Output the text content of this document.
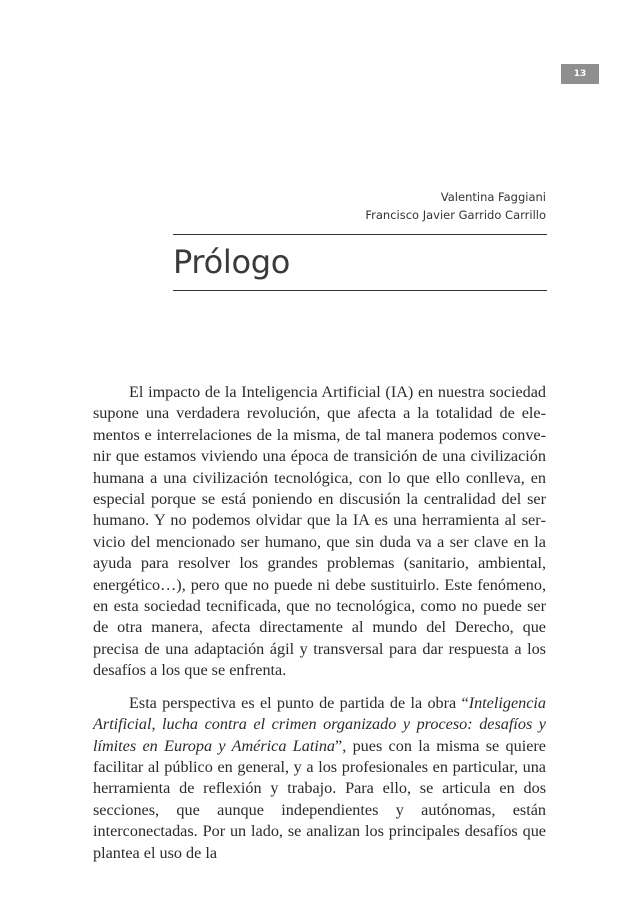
13
Valentina Faggiani
Francisco Javier Garrido Carrillo
Prólogo

El impacto de la Inteligencia Artificial (IA) en nuestra sociedad supone una verdadera revolución, que afecta a la totalidad de elementos e interrelaciones de la misma, de tal manera podemos convenir que estamos viviendo una época de transición de una civilización humana a una civilización tecnológica, con lo que ello conlleva, en especial porque se está poniendo en discusión la centralidad del ser humano. Y no podemos olvidar que la IA es una herramienta al servicio del mencionado ser humano, que sin duda va a ser clave en la ayuda para resolver los grandes problemas (sanitario, ambiental, energético…), pero que no puede ni debe sustituirlo. Este fenómeno, en esta sociedad tecnificada, que no tecnológica, como no puede ser de otra manera, afecta directamente al mundo del Derecho, que precisa de una adaptación ágil y transversal para dar respuesta a los desafíos a los que se enfrenta.

Esta perspectiva es el punto de partida de la obra “Inteligencia Artificial, lucha contra el crimen organizado y proceso: desafíos y límites en Europa y América Latina”, pues con la misma se quiere facilitar al público en general, y a los profesionales en particular, una herramienta de reflexión y trabajo. Para ello, se articula en dos secciones, que aunque independientes y autónomas, están interconectadas. Por un lado, se analizan los principales desafíos que plantea el uso de la
